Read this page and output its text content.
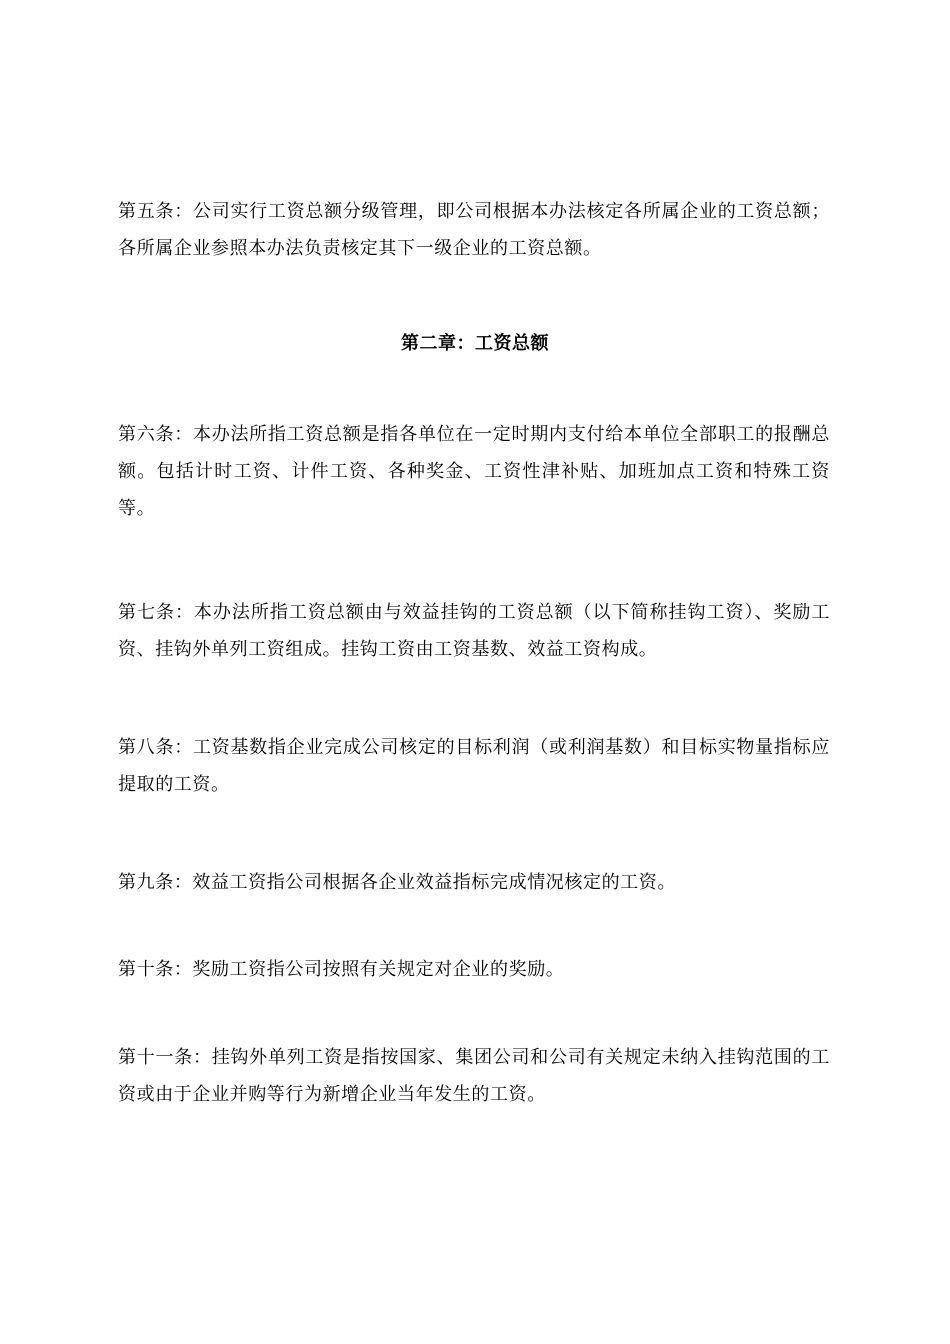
第五条：公司实行工资总额分级管理，即公司根据本办法核定各所属企业的工资总额；各所属企业参照本办法负责核定其下一级企业的工资总额。

第二章：工资总额

第六条：本办法所指工资总额是指各单位在一定时期内支付给本单位全部职工的报酬总额。包括计时工资、计件工资、各种奖金、工资性津补贴、加班加点工资和特殊工资等。

第七条：本办法所指工资总额由与效益挂钩的工资总额（以下简称挂钩工资）、奖励工资、挂钩外单列工资组成。挂钩工资由工资基数、效益工资构成。

第八条：工资基数指企业完成公司核定的目标利润（或利润基数）和目标实物量指标应提取的工资。

第九条：效益工资指公司根据各企业效益指标完成情况核定的工资。

第十条：奖励工资指公司按照有关规定对企业的奖励。

第十一条：挂钩外单列工资是指按国家、集团公司和公司有关规定未纳入挂钩范围的工资或由于企业并购等行为新增企业当年发生的工资。
